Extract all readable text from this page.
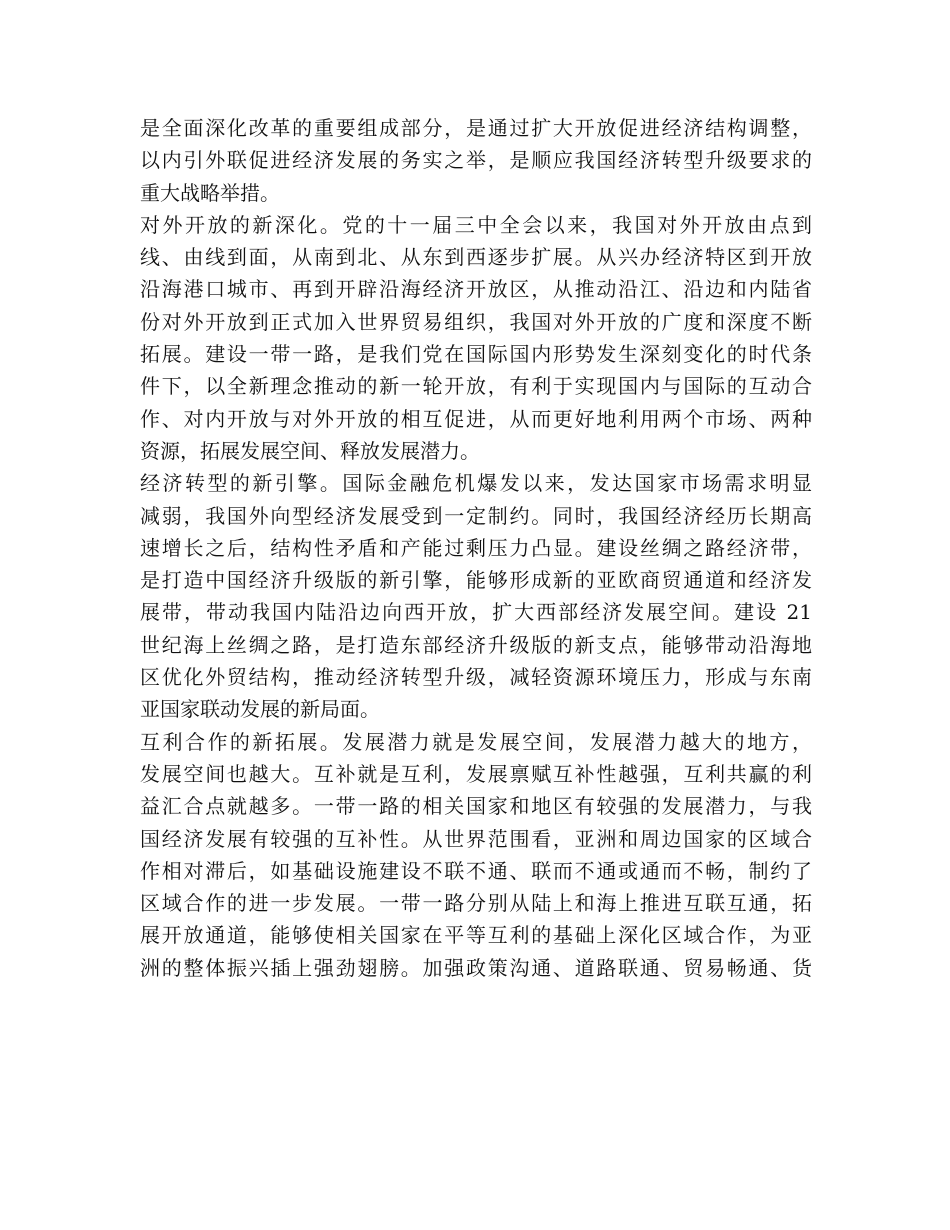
是全面深化改革的重要组成部分，是通过扩大开放促进经济结构调整，
以内引外联促进经济发展的务实之举，是顺应我国经济转型升级要求的
重大战略举措。
对外开放的新深化。党的十一届三中全会以来，我国对外开放由点到
线、由线到面，从南到北、从东到西逐步扩展。从兴办经济特区到开放
沿海港口城市、再到开辟沿海经济开放区，从推动沿江、沿边和内陆省
份对外开放到正式加入世界贸易组织，我国对外开放的广度和深度不断
拓展。建设一带一路，是我们党在国际国内形势发生深刻变化的时代条
件下，以全新理念推动的新一轮开放，有利于实现国内与国际的互动合
作、对内开放与对外开放的相互促进，从而更好地利用两个市场、两种
资源，拓展发展空间、释放发展潜力。
经济转型的新引擎。国际金融危机爆发以来，发达国家市场需求明显
减弱，我国外向型经济发展受到一定制约。同时，我国经济经历长期高
速增长之后，结构性矛盾和产能过剩压力凸显。建设丝绸之路经济带，
是打造中国经济升级版的新引擎，能够形成新的亚欧商贸通道和经济发
展带，带动我国内陆沿边向西开放，扩大西部经济发展空间。建设 21
世纪海上丝绸之路，是打造东部经济升级版的新支点，能够带动沿海地
区优化外贸结构，推动经济转型升级，减轻资源环境压力，形成与东南
亚国家联动发展的新局面。
互利合作的新拓展。发展潜力就是发展空间，发展潜力越大的地方，
发展空间也越大。互补就是互利，发展禀赋互补性越强，互利共赢的利
益汇合点就越多。一带一路的相关国家和地区有较强的发展潜力，与我
国经济发展有较强的互补性。从世界范围看，亚洲和周边国家的区域合
作相对滞后，如基础设施建设不联不通、联而不通或通而不畅，制约了
区域合作的进一步发展。一带一路分别从陆上和海上推进互联互通，拓
展开放通道，能够使相关国家在平等互利的基础上深化区域合作，为亚
洲的整体振兴插上强劲翅膀。加强政策沟通、道路联通、贸易畅通、货
